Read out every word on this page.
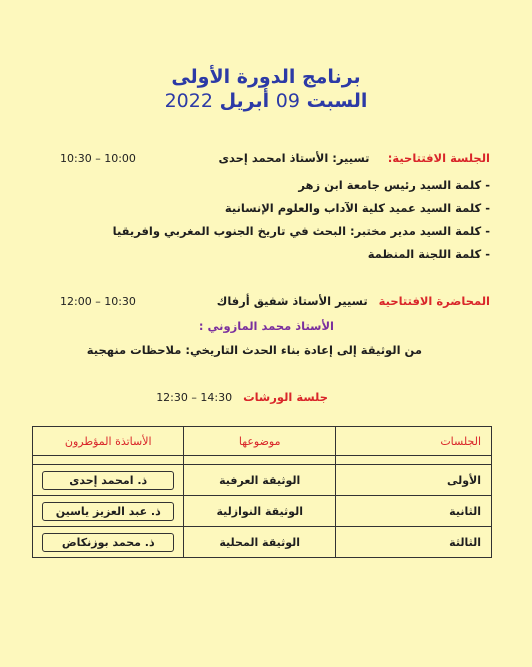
برنامج الدورة الأولى
السبت 09 أبريل 2022
10:30 – 10:00	الجلسة الافتتاحية:     تسيير: الأستاذ امحمد إحدى
- كلمة السيد رئيس جامعة ابن زهر
- كلمة السيد عميد كلية الآداب والعلوم الإنسانية
- كلمة السيد مدير مختبر: البحث في تاريخ الجنوب المغربي وافريقيا
- كلمة اللجنة المنظمة
12:00 – 10:30	المحاضرة الافتتاحية   تسيير الأستاذ شفيق أرفاك
الأستاذ محمد المازوني :
من الوثيقة إلى إعادة بناء الحدث التاريخي: ملاحظات منهجية
جلسة الورشات   14:30 – 12:30
الجلسات	موضوعها	الأساتذة المؤطرون

الأولى	الوثيقة العرفية	ذ. امحمد إحدى
الثانية	الوثيقة النوازلية	ذ. عبد العزيز ياسين
الثالثة	الوثيقة المحلية	ذ. محمد بوزنكاض
